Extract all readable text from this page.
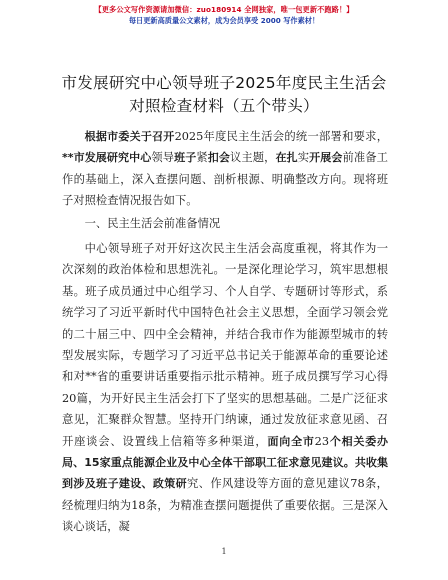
【更多公文写作资源请加微信：zuo180914 全网独家，唯一包更新不跑路！】
每日更新高质量公文素材，成为会员享受 2000 写作素材！
市发展研究中心领导班子2025年度民主生活会
对照检查材料（五个带头）

根据市委关于召开2025年度民主生活会的统一部署和要求，**市发展研究中心领导班子紧扣会议主题，在扎实开展会前准备工作的基础上，深入查摆问题、剖析根源、明确整改方向。现将班子对照检查情况报告如下。

一、民主生活会前准备情况

中心领导班子对开好这次民主生活会高度重视，将其作为一次深刻的政治体检和思想洗礼。一是深化理论学习，筑牢思想根基。班子成员通过中心组学习、个人自学、专题研讨等形式，系统学习了习近平新时代中国特色社会主义思想，全面学习领会党的二十届三中、四中全会精神，并结合我市作为能源型城市的转型发展实际，专题学习了习近平总书记关于能源革命的重要论述和对**省的重要讲话重要指示批示精神。班子成员撰写学习心得20篇，为开好民主生活会打下了坚实的思想基础。二是广泛征求意见，汇聚群众智慧。坚持开门纳谏，通过发放征求意见函、召开座谈会、设置线上信箱等多种渠道，面向全市23个相关委办局、15家重点能源企业及中心全体干部职工征求意见建议。共收集到涉及班子建设、政策研究、作风建设等方面的意见建议78条，经梳理归纳为18条，为精准查摆问题提供了重要依据。三是深入谈心谈话，凝

1
